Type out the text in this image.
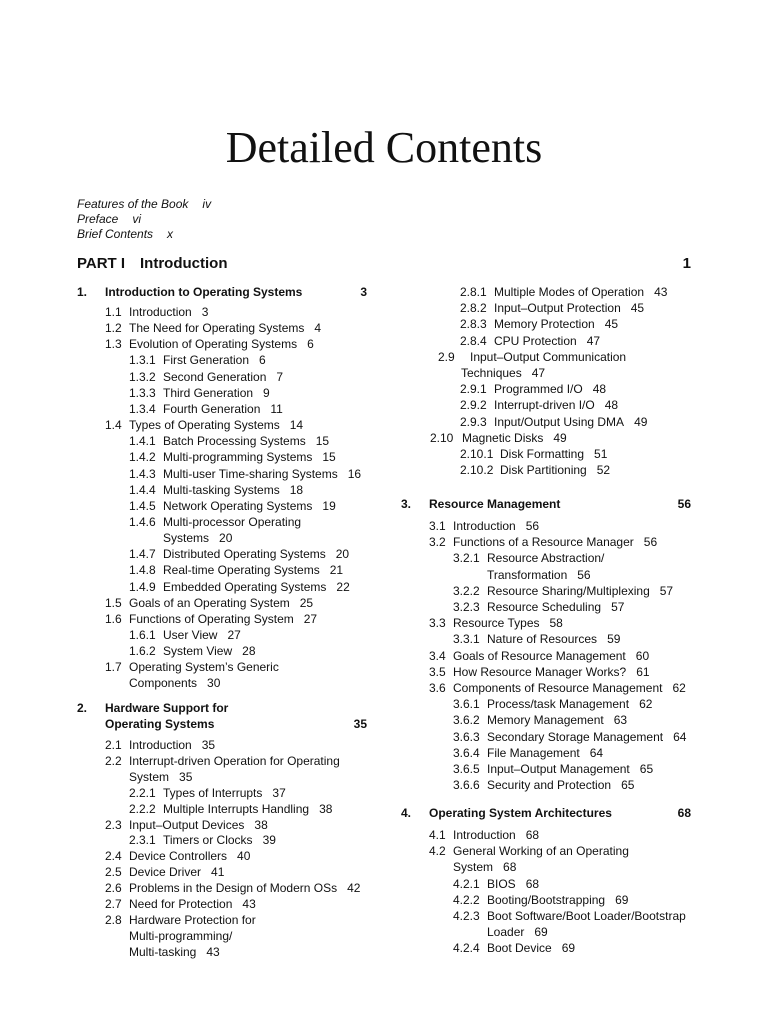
Detailed Contents
Features of the Book iv
Preface vi
Brief Contents x
PART I Introduction	1
1. Introduction to Operating Systems	3
1.1 Introduction 3
1.2 The Need for Operating Systems 4
1.3 Evolution of Operating Systems 6
1.3.1 First Generation 6
1.3.2 Second Generation 7
1.3.3 Third Generation 9
1.3.4 Fourth Generation 11
1.4 Types of Operating Systems 14
1.4.1 Batch Processing Systems 15
1.4.2 Multi-programming Systems 15
1.4.3 Multi-user Time-sharing Systems 16
1.4.4 Multi-tasking Systems 18
1.4.5 Network Operating Systems 19
1.4.6 Multi-processor Operating
Systems 20
1.4.7 Distributed Operating Systems 20
1.4.8 Real-time Operating Systems 21
1.4.9 Embedded Operating Systems 22
1.5 Goals of an Operating System 25
1.6 Functions of Operating System 27
1.6.1 User View 27
1.6.2 System View 28
1.7 Operating System’s Generic
Components 30
2. Hardware Support for
Operating Systems	35
2.1 Introduction 35
2.2 Interrupt-driven Operation for Operating
System 35
2.2.1 Types of Interrupts 37
2.2.2 Multiple Interrupts Handling 38
2.3 Input–Output Devices 38
2.3.1 Timers or Clocks 39
2.4 Device Controllers 40
2.5 Device Driver 41
2.6 Problems in the Design of Modern OSs 42
2.7 Need for Protection 43
2.8 Hardware Protection for
Multi-programming/
Multi-tasking 43
2.8.1 Multiple Modes of Operation 43
2.8.2 Input–Output Protection 45
2.8.3 Memory Protection 45
2.8.4 CPU Protection 47
2.9 Input–Output Communication
Techniques 47
2.9.1 Programmed I/O 48
2.9.2 Interrupt-driven I/O 48
2.9.3 Input/Output Using DMA 49
2.10 Magnetic Disks 49
2.10.1 Disk Formatting 51
2.10.2 Disk Partitioning 52
3. Resource Management	56
3.1 Introduction 56
3.2 Functions of a Resource Manager 56
3.2.1 Resource Abstraction/
Transformation 56
3.2.2 Resource Sharing/Multiplexing 57
3.2.3 Resource Scheduling 57
3.3 Resource Types 58
3.3.1 Nature of Resources 59
3.4 Goals of Resource Management 60
3.5 How Resource Manager Works? 61
3.6 Components of Resource Management 62
3.6.1 Process/task Management 62
3.6.2 Memory Management 63
3.6.3 Secondary Storage Management 64
3.6.4 File Management 64
3.6.5 Input–Output Management 65
3.6.6 Security and Protection 65
4. Operating System Architectures	68
4.1 Introduction 68
4.2 General Working of an Operating
System 68
4.2.1 BIOS 68
4.2.2 Booting/Bootstrapping 69
4.2.3 Boot Software/Boot Loader/Bootstrap
Loader 69
4.2.4 Boot Device 69
